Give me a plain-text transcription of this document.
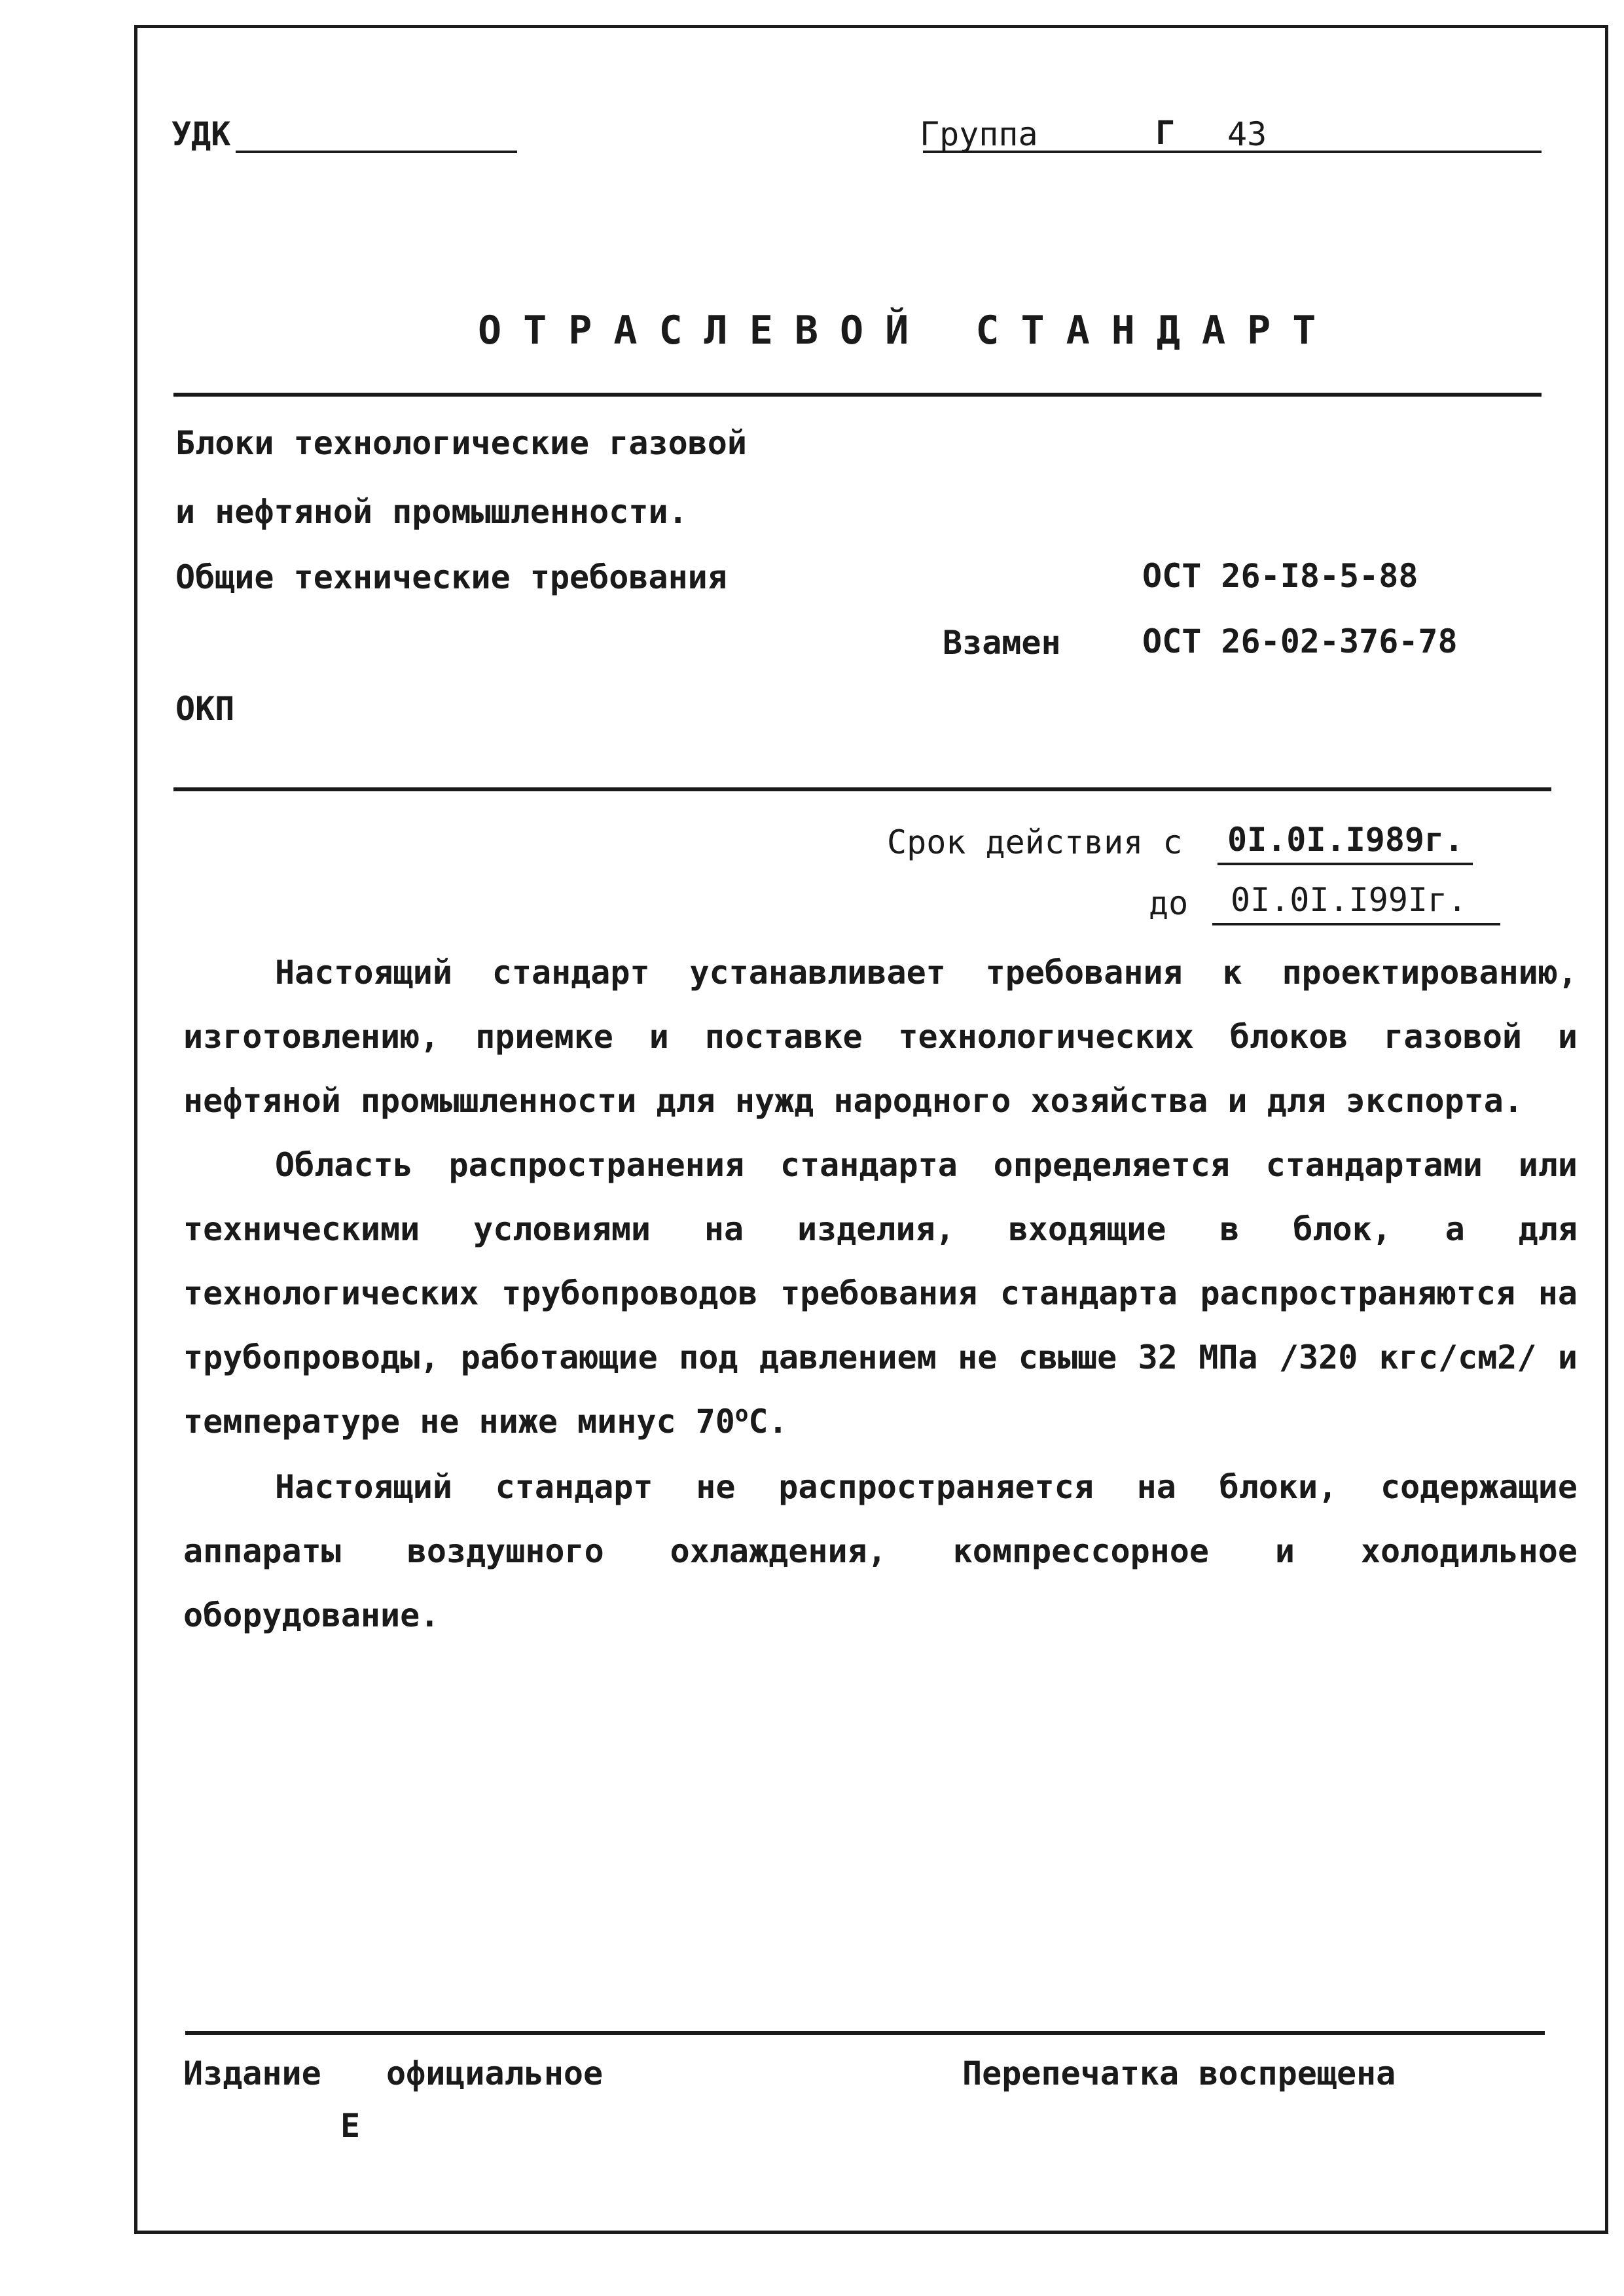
УДК	Группа	Г 43
ОТРАСЛЕВОЙ СТАНДАРТ
Блоки технологические газовой
и нефтяной промышленности.
Общие технические требования	ОСТ 26-I8-5-88
Взамен ОСТ 26-02-376-78
ОКП
Срок действия с 0I.0I.I989г.
до 0I.0I.I99Iг.

Настоящий стандарт устанавливает требования к проектированию, изготовлению, приемке и поставке технологических блоков газовой и нефтяной промышленности для нужд народного хозяйства и для экспорта.

Область распространения стандарта определяется стандартами или техническими условиями на изделия, входящие в блок, а для технологических трубопроводов требования стандарта распространяются на трубопроводы, работающие под давлением не свыше 32 МПа /320 кгс/см2/ и температуре не ниже минус 70$^o$С.

Настоящий стандарт не распространяется на блоки, содержащие аппараты воздушного охлаждения, компрессорное и холодильное оборудование.

Издание официальное
Е
Перепечатка воспрещена
